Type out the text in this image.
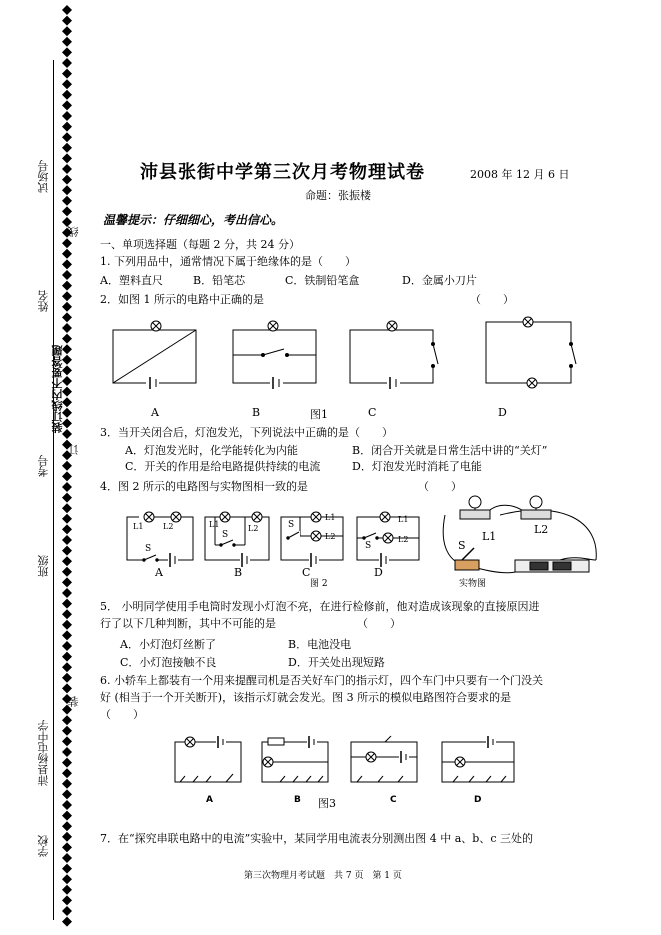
试场号
姓名
装订线内不要答题
线
考号
订
班级
装
沛县杨屯中学
学校
沛县张街中学第三次月考物理试卷	2008 年 12 月 6 日
命题：张振楼
温馨提示：仔细细心，考出信心。
一、单项选择题（每题 2 分，共 24 分）
1. 下列用品中，通常情况下属于绝缘体的是（　　）
A．塑料直尺	B．铅笔芯	C．铁制铅笔盒	D．金属小刀片
2．如图 1 所示的电路中正确的是	（　　）
A	B	图1	C	D
3．当开关闭合后，灯泡发光，下列说法中正确的是（　　）
A．灯泡发光时，化学能转化为内能	B．闭合开关就是日常生活中讲的“关灯”
C．开关的作用是给电路提供持续的电流	D．灯泡发光时消耗了电能
4．图 2 所示的电路图与实物图相一致的是	（　　）
L1 L2
S
L1	L2
S
L1
L2
S
L1
L2
S
L1
L2
S
A	B	C
图 2
D
实物图
5． 小明同学使用手电筒时发现小灯泡不亮，在进行检修前，他对造成该现象的直接原因进
行了以下几种判断，其中不可能的是	（　　）
A．小灯泡灯丝断了	B．电池没电
C．小灯泡接触不良	D．开关处出现短路
6. 小轿车上都装有一个用来提醒司机是否关好车门的指示灯，四个车门中只要有一个门没关
好 (相当于一个开关断开)，该指示灯就会发光。图 3 所示的模似电路图符合要求的是
（　　）
A	B 图3	C	D
7．在“探究串联电路中的电流”实验中，某同学用电流表分别测出图 4 中 a、b、c 三处的
第三次物理月考试题　共 7 页　第 1 页
